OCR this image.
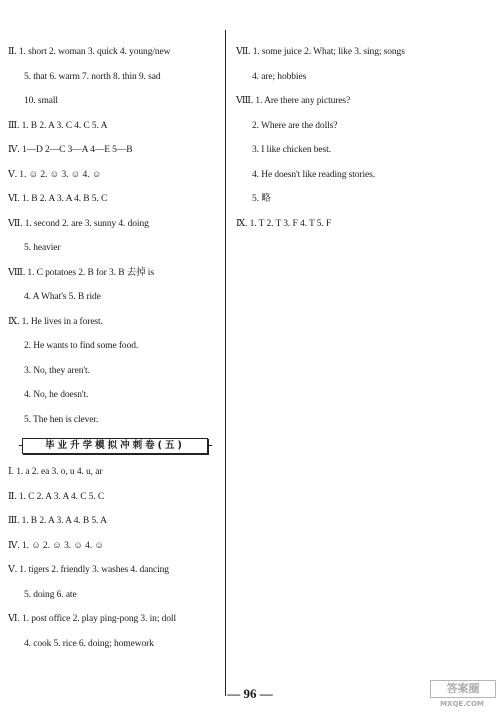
Ⅱ. 1. short 2. woman 3. quick 4. young/new
5. that 6. warm 7. north 8. thin 9. sad
10. small
Ⅲ. 1. B 2. A 3. C 4. C 5. A
Ⅳ. 1—D 2—C 3—A 4—E 5—B
Ⅴ. 1. ☺ 2. ☺ 3. ☺ 4. ☺
Ⅵ. 1. B 2. A 3. A 4. B 5. C
Ⅶ. 1. second 2. are 3. sunny 4. doing
5. heavier
Ⅷ. 1. C potatoes 2. B for 3. B 去掉 is
4. A What's 5. B ride
Ⅸ. 1. He lives in a forest.
2. He wants to find some food.
3. No, they aren't.
4. No, he doesn't.
5. The hen is clever.
毕业升学模拟冲刺卷(五)
Ⅰ. 1. a 2. ea 3. o, u 4. u, ar
Ⅱ. 1. C 2. A 3. A 4. C 5. C
Ⅲ. 1. B 2. A 3. A 4. B 5. A
Ⅳ. 1. ☺ 2. ☺ 3. ☺ 4. ☺
Ⅴ. 1. tigers 2. friendly 3. washes 4. dancing
5. doing 6. ate
Ⅵ. 1. post office 2. play ping-pong 3. in; doll
4. cook 5. rice 6. doing; homework
Ⅶ. 1. some juice 2. What; like 3. sing; songs
4. are; hobbies
Ⅷ. 1. Are there any pictures?
2. Where are the dolls?
3. I like chicken best.
4. He doesn't like reading stories.
5. 略
Ⅸ. 1. T 2. T 3. F 4. T 5. F
— 96 —	答案圈
MXQE.COM
